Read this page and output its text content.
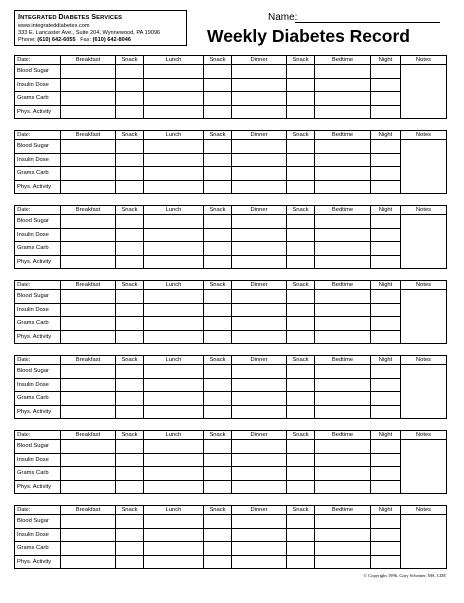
INTEGRATED DIABETES SERVICES
www.integrateddiabetes.com
333 E. Lancaster Ave., Suite 204, Wynnewood, PA 19096
Phone: (610) 642-6055 Fax: (610) 642-8046
Name:
Weekly Diabetes Record
Date:	Breakfast	Snack	Lunch	Snack	Dinner	Snack	Bedtime	Night	Notes
Blood Sugar									
Insulin Dose									
Grams Carb									
Phys. Activity									
Date:	Breakfast	Snack	Lunch	Snack	Dinner	Snack	Bedtime	Night	Notes
Blood Sugar									
Insulin Dose									
Grams Carb									
Phys. Activity									
Date:	Breakfast	Snack	Lunch	Snack	Dinner	Snack	Bedtime	Night	Notes
Blood Sugar									
Insulin Dose									
Grams Carb									
Phys. Activity									
Date:	Breakfast	Snack	Lunch	Snack	Dinner	Snack	Bedtime	Night	Notes
Blood Sugar									
Insulin Dose									
Grams Carb									
Phys. Activity									
Date:	Breakfast	Snack	Lunch	Snack	Dinner	Snack	Bedtime	Night	Notes
Blood Sugar									
Insulin Dose									
Grams Carb									
Phys. Activity									
Date:	Breakfast	Snack	Lunch	Snack	Dinner	Snack	Bedtime	Night	Notes
Blood Sugar									
Insulin Dose									
Grams Carb									
Phys. Activity									
Date:	Breakfast	Snack	Lunch	Snack	Dinner	Snack	Bedtime	Night	Notes
Blood Sugar									
Insulin Dose									
Grams Carb									
Phys. Activity									
© Copyright 1996, Gary Scheiner, MS, CDE
